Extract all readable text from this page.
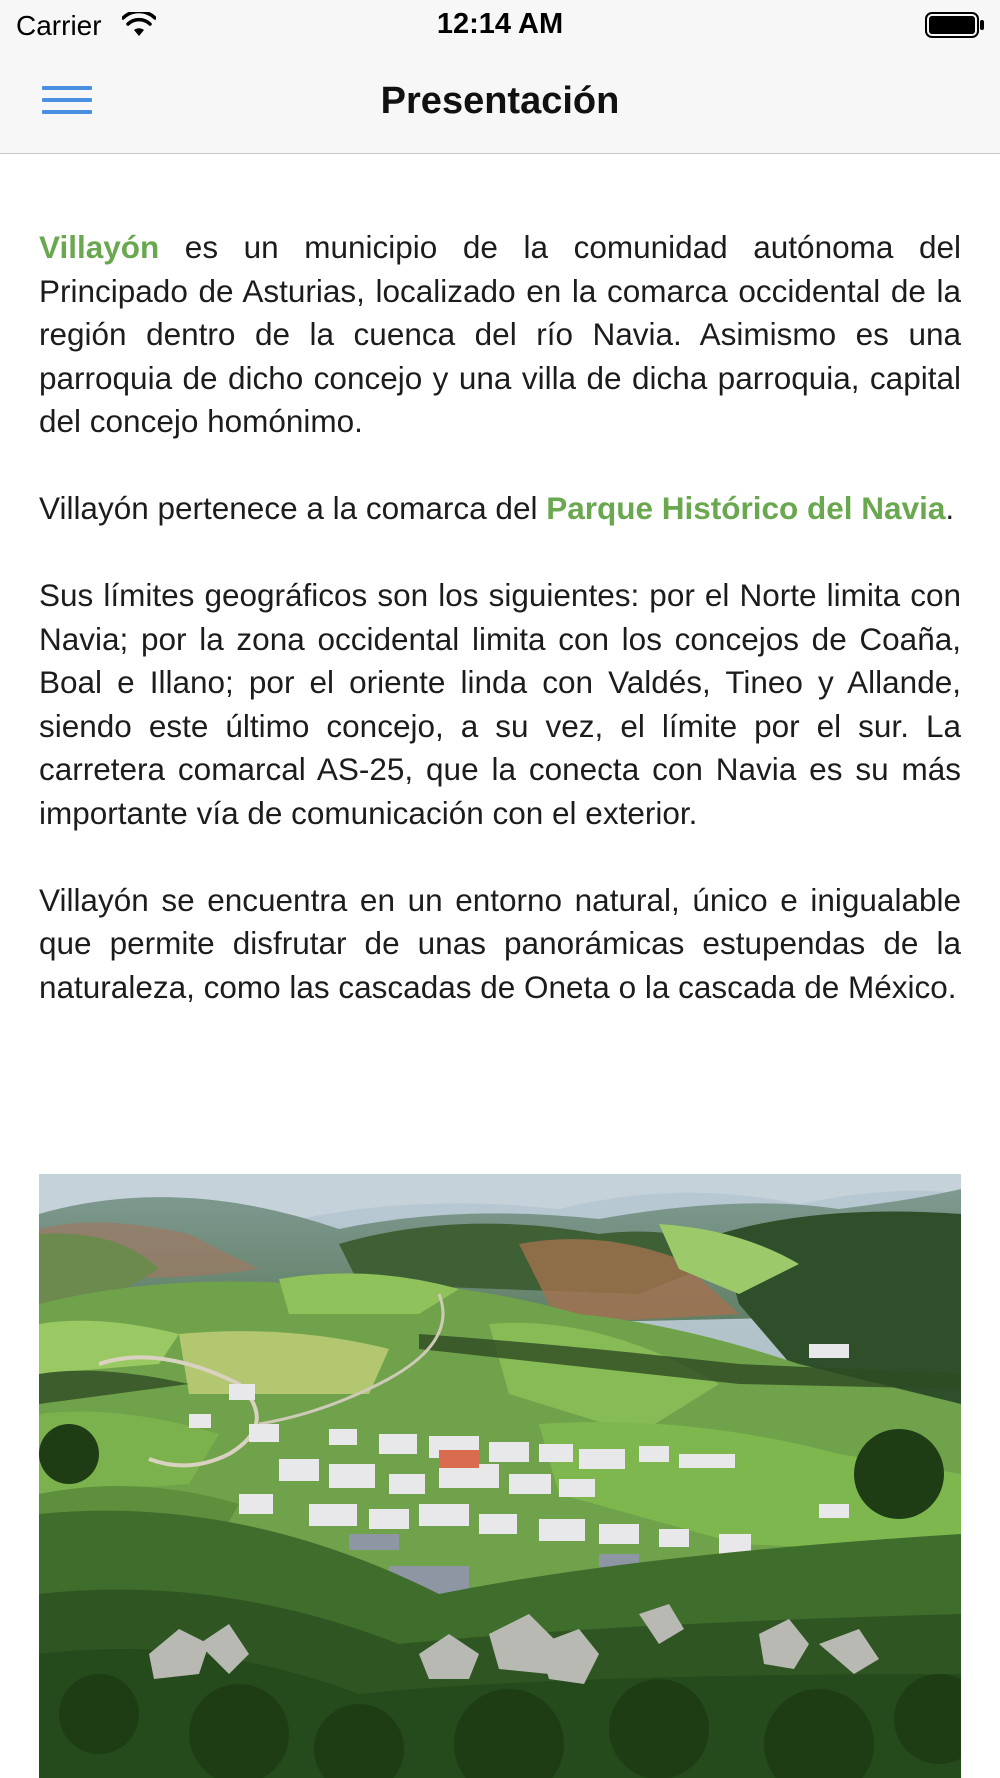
Carrier	12:14 AM
Presentación

Villayón es un municipio de la comunidad autónoma del Principado de Asturias, localizado en la comarca occidental de la región dentro de la cuenca del río Navia. Asimismo es una parroquia de dicho concejo y una villa de dicha parroquia, capital del concejo homónimo.

Villayón pertenece a la comarca del Parque Histórico del Navia.

Sus límites geográficos son los siguientes: por el Norte limita con Navia; por la zona occidental limita con los concejos de Coaña, Boal e Illano; por el oriente linda con Valdés, Tineo y Allande, siendo este último concejo, a su vez, el límite por el sur. La carretera comarcal AS-25, que la conecta con Navia es su más importante vía de comunicación con el exterior.

Villayón se encuentra en un entorno natural, único e inigualable que permite disfrutar de unas panorámicas estupendas de la naturaleza, como las cascadas de Oneta o la cascada de México.
